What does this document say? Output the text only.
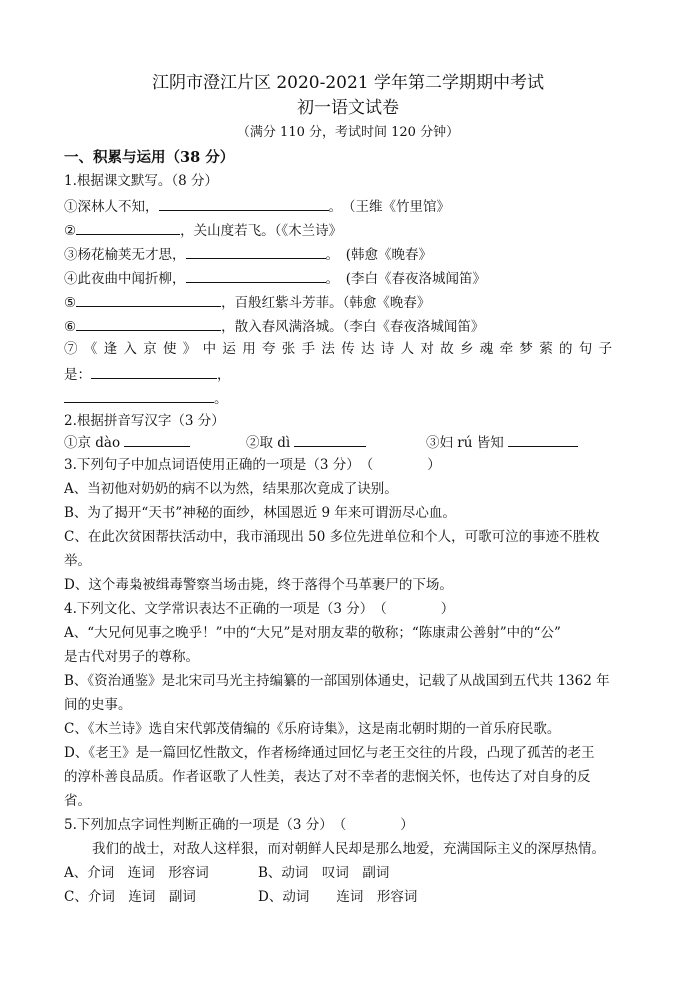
江阴市澄江片区 2020-2021 学年第二学期期中考试
初一语文试卷
（满分 110 分，考试时间 120 分钟）
一、积累与运用（38 分）
1.根据课文默写。（8 分）
①深林人不知，	。　（王维《竹里馆》
②	，关山度若飞。（《木兰诗》
③杨花榆荚无才思，	。　(韩愈《晚春》
④此夜曲中闻折柳，	。　(李白《春夜洛城闻笛》
⑤	，百般红紫斗芳菲。（韩愈《晚春》
⑥	，散入春风满洛城。（李白《春夜洛城闻笛》
⑦《逢入京使》中运用夸张手法传达诗人对故乡魂牵梦萦的句子
是：	，
。
2.根据拼音写汉字（3 分）
①京 dào	②取 dì	③妇 rú 皆知
3.下列句子中加点词语使用正确的一项是（3 分）　（　　　　）
A、当初他对奶奶的病不以为然，结果那次竟成了诀别。
B、为了揭开“天书”神秘的面纱，林国恩近 9 年来可谓沥尽心血。
C、在此次贫困帮扶活动中，我市涌现出 50 多位先进单位和个人，可歌可泣的事迹不胜枚
举。
D、这个毒枭被缉毒警察当场击毙，终于落得个马革裹尸的下场。
4.下列文化、文学常识表达不正确的一项是（3 分）　（　　　　）
A、“大兄何见事之晚乎！”中的“大兄”是对朋友辈的敬称；“陈康肃公善射”中的“公”
是古代对男子的尊称。
B、《资治通鉴》是北宋司马光主持编纂的一部国别体通史，记载了从战国到五代共 1362 年
间的史事。
C、《木兰诗》选自宋代郭茂倩编的《乐府诗集》，这是南北朝时期的一首乐府民歌。
D、《老王》是一篇回忆性散文，作者杨绛通过回忆与老王交往的片段，凸现了孤苦的老王
的淳朴善良品质。作者讴歌了人性美，表达了对不幸者的悲悯关怀，也传达了对自身的反
省。
5.下列加点字词性判断正确的一项是（3 分）　（　　　　）
我们的战士，对敌人这样狠，而对朝鲜人民却是那么地爱，充满国际主义的深厚热情。
A、介词　连词　形容词	B、动词　叹词　副词
C、介词　连词　副词	D、动词　　连词　形容词
